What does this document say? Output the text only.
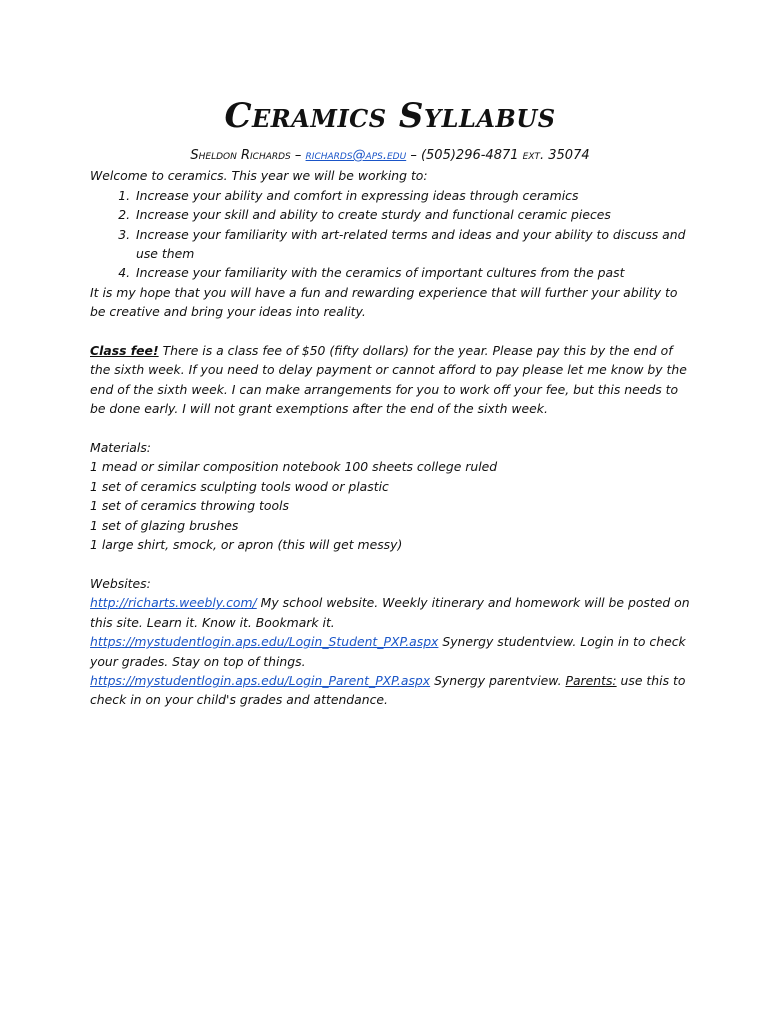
Ceramics Syllabus

Sheldon Richards – richards@aps.edu – (505)296-4871 ext. 35074

Welcome to ceramics. This year we will be working to:

1. Increase your ability and comfort in expressing ideas through ceramics
2. Increase your skill and ability to create sturdy and functional ceramic pieces
3. Increase your familiarity with art-related terms and ideas and your ability to discuss and use them
4. Increase your familiarity with the ceramics of important cultures from the past

It is my hope that you will have a fun and rewarding experience that will further your ability to be creative and bring your ideas into reality.

Class fee! There is a class fee of $50 (fifty dollars) for the year. Please pay this by the end of the sixth week. If you need to delay payment or cannot afford to pay please let me know by the end of the sixth week. I can make arrangements for you to work off your fee, but this needs to be done early. I will not grant exemptions after the end of the sixth week.

Materials:

1 mead or similar composition notebook 100 sheets college ruled

1 set of ceramics sculpting tools wood or plastic

1 set of ceramics throwing tools

1 set of glazing brushes

1 large shirt, smock, or apron (this will get messy)

Websites:

http://richarts.weebly.com/ My school website. Weekly itinerary and homework will be posted on this site. Learn it. Know it. Bookmark it.

https://mystudentlogin.aps.edu/Login_Student_PXP.aspx Synergy studentview. Login in to check your grades. Stay on top of things.

https://mystudentlogin.aps.edu/Login_Parent_PXP.aspx Synergy parentview. Parents: use this to check in on your child's grades and attendance.
